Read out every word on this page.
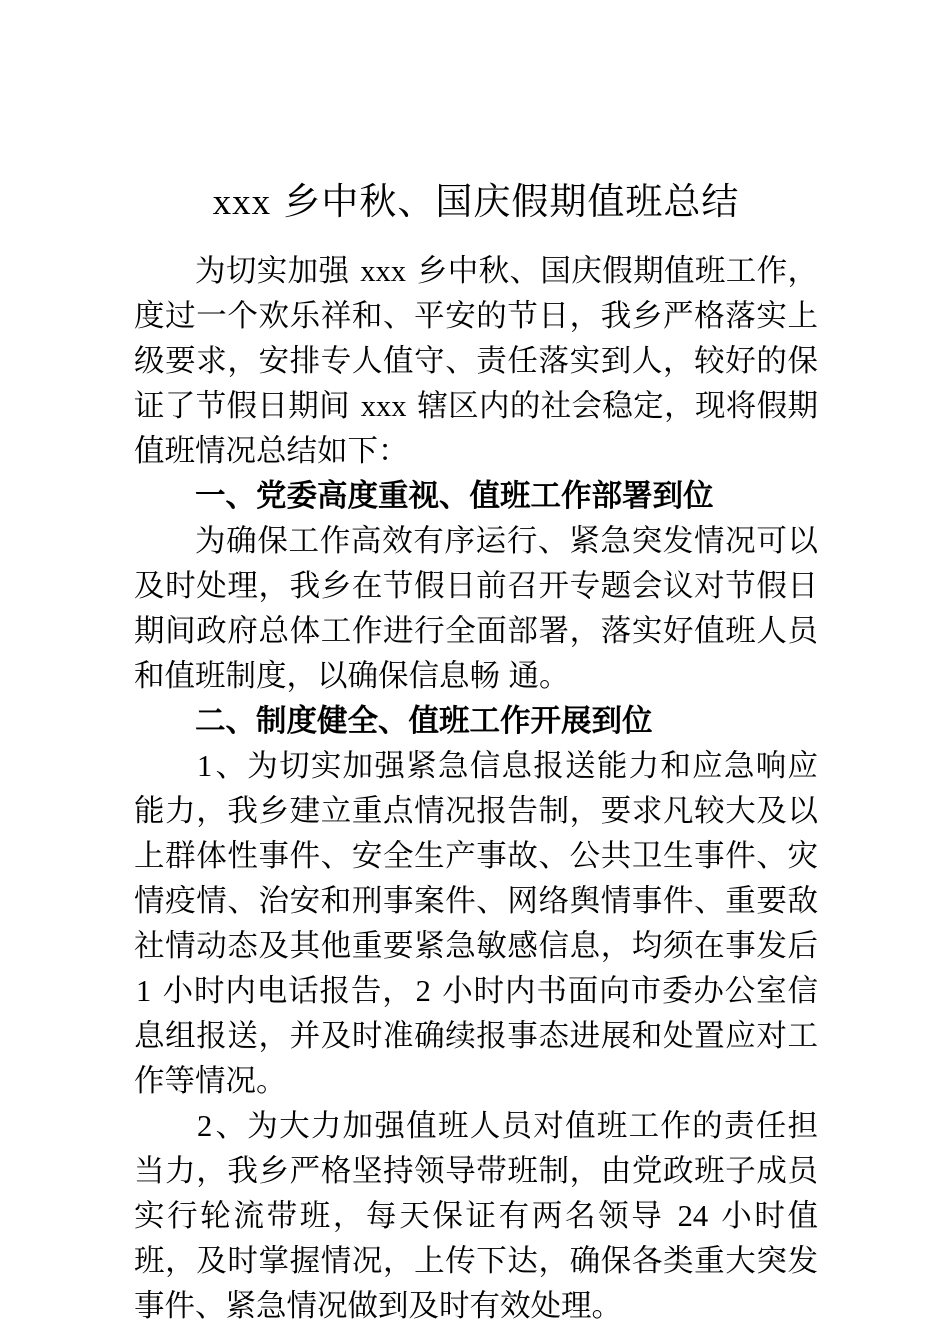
xxx 乡中秋、国庆假期值班总结

为切实加强 xxx 乡中秋、国庆假期值班工作，度过一个欢乐祥和、平安的节日，我乡严格落实上级要求，安排专人值守、责任落实到人，较好的保证了节假日期间 xxx 辖区内的社会稳定，现将假期值班情况总结如下：

一、党委高度重视、值班工作部署到位

为确保工作高效有序运行、紧急突发情况可以及时处理，我乡在节假日前召开专题会议对节假日期间政府总体工作进行全面部署，落实好值班人员和值班制度，以确保信息畅 通。

二、制度健全、值班工作开展到位

1、为切实加强紧急信息报送能力和应急响应能力，我乡建立重点情况报告制，要求凡较大及以上群体性事件、安全生产事故、公共卫生事件、灾情疫情、治安和刑事案件、网络舆情事件、重要敌社情动态及其他重要紧急敏感信息，均须在事发后 1 小时内电话报告，2 小时内书面向市委办公室信息组报送，并及时准确续报事态进展和处置应对工作等情况。

2、为大力加强值班人员对值班工作的责任担当力，我乡严格坚持领导带班制，由党政班子成员实行轮流带班，每天保证有两名领导 24 小时值班，及时掌握情况，上传下达，确保各类重大突发事件、紧急情况做到及时有效处理。
